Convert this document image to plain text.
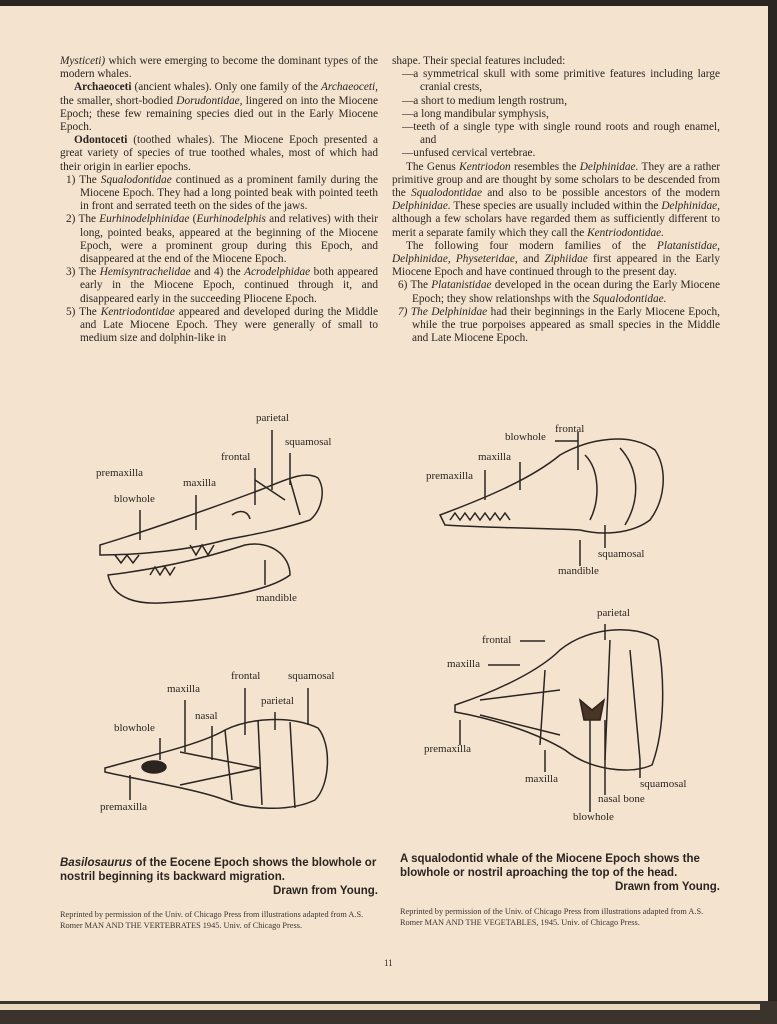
Mysticeti) which were emerging to become the dominant types of the modern whales.

Archaeoceti (ancient whales). Only one family of the Archaeoceti, the smaller, short-bodied Dorudontidae, lingered on into the Miocene Epoch; these few remaining species died out in the Early Miocene Epoch.

Odontoceti (toothed whales). The Miocene Epoch presented a great variety of species of true toothed whales, most of which had their origin in earlier epochs.

1) The Squalodontidae continued as a prominent family during the Miocene Epoch. They had a long pointed beak with pointed teeth in front and serrated teeth on the sides of the jaws.

2) The Eurhinodelphinidae (Eurhinodelphis and relatives) with their long, pointed beaks, appeared at the beginning of the Miocene Epoch, were a prominent group during this Epoch, and disappeared at the end of the Miocene Epoch.

3) The Hemisyntrachelidae and 4) the Acrodelphidae both appeared early in the Miocene Epoch, continued through it, and disappeared early in the succeeding Pliocene Epoch.

5) The Kentriodontidae appeared and developed during the Middle and Late Miocene Epoch. They were generally of small to medium size and dolphin-like in

shape. Their special features included:

—a symmetrical skull with some primitive features including large cranial crests,

—a short to medium length rostrum,

—a long mandibular symphysis,

—teeth of a single type with single round roots and rough enamel, and

—unfused cervical vertebrae.

The Genus Kentriodon resembles the Delphinidae. They are a rather primitive group and are thought by some scholars to be descended from the Squalodontidae and also to be possible ancestors of the modern Delphinidae. These species are usually included within the Delphinidae, although a few scholars have regarded them as sufficiently different to merit a separate family which they call the Kentriodontidae.

The following four modern families of the Platanistidae, Delphinidae, Physeteridae, and Ziphiidae first appeared in the Early Miocene Epoch and have continued through to the present day.

6) The Platanistidae developed in the ocean during the Early Miocene Epoch; they show relationshps with the Squalodontidae.

7) The Delphinidae had their beginnings in the Early Miocene Epoch, while the true porpoises appeared as small species in the Middle and Late Miocene Epoch.

parietal
squamosal
frontal
premaxilla
maxilla
blowhole
mandible
frontal
blowhole
maxilla
premaxilla
squamosal
mandible
frontal	squamosal
maxilla
parietal
nasal
blowhole
premaxilla
parietal
frontal
maxilla
premaxilla
maxilla	squamosal
nasal bone
blowhole
Basilosaurus of the Eocene Epoch shows the blowhole or nostril beginning its backward migration.
Drawn from Young.
A squalodontid whale of the Miocene Epoch shows the blowhole or nostril aproaching the top of the head.
Drawn from Young.
Reprinted by permission of the Univ. of Chicago Press from illustrations adapted from A.S. Romer MAN AND THE VERTEBRATES 1945. Univ. of Chicago Press.
Reprinted by permission of the Univ. of Chicago Press from illustrations adapted from A.S. Romer MAN AND THE VEGETABLES, 1945. Univ. of Chicago Press.
11
